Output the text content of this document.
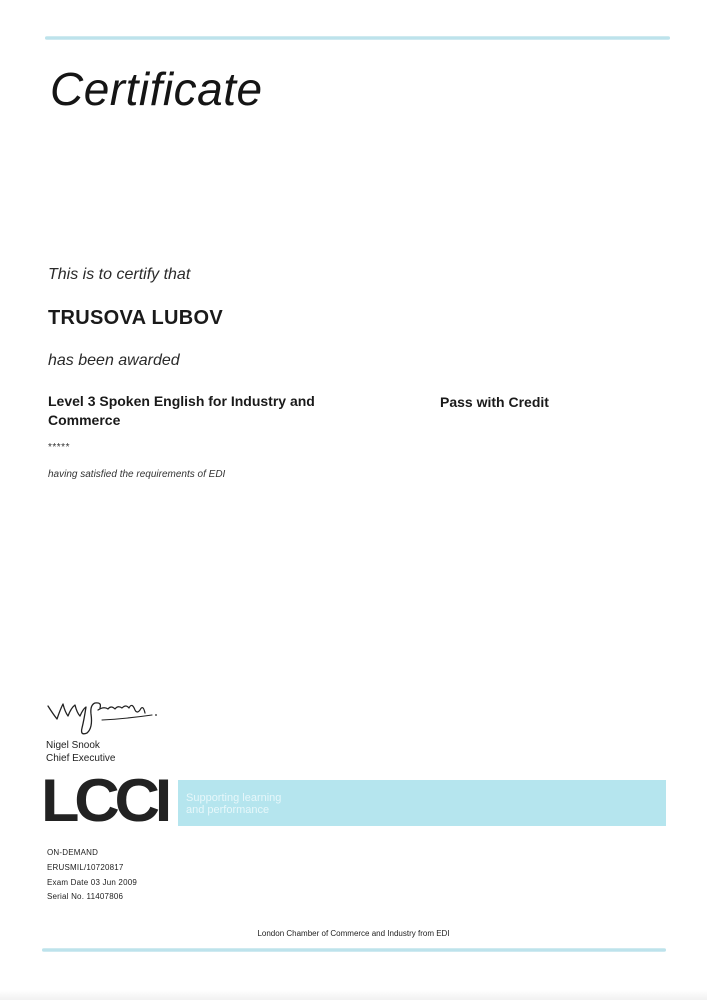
Certificate
This is to certify that
TRUSOVA LUBOV
has been awarded
Level 3 Spoken English for Industry and Commerce
Pass with Credit
*****
having satisfied the requirements of EDI
Nigel Snook
Chief Executive
LCCI Supporting learning
and performance
ON-DEMAND
ERUSMIL/10720817
Exam Date 03 Jun 2009
Serial No. 11407806
London Chamber of Commerce and Industry from EDI
